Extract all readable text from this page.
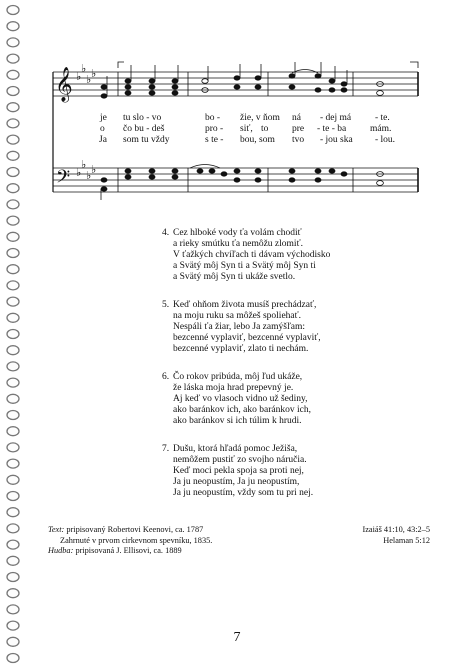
𝄞
𝄢
♭
♭
♭ ♭
♭
♭
♭ ♭
je tu slo - vo	bo - žie, v ňom ná - dej má	- te.
o čo bu - deš	pro - siť, to pre - te - ba mám.
Ja som tu vždy	s te - bou, som tvo - jou ska - lou.
4. Cez hlboké vody ťa volám chodiť
a rieky smútku ťa nemôžu zlomiť.
V ťažkých chvíľach ti dávam východisko
a Svätý môj Syn ti a Svätý môj Syn ti
a Svätý môj Syn ti ukáže svetlo.
5. Keď ohňom života musíš prechádzať,
na moju ruku sa môžeš spoliehať.
Nespáli ťa žiar, lebo Ja zamýšľam:
bezcenné vyplaviť, bezcenné vyplaviť,
bezcenné vyplaviť, zlato ti nechám.
6. Čo rokov pribúda, môj ľud ukáže,
že láska moja hrad prepevný je.
Aj keď vo vlasoch vidno už šediny,
ako baránkov ich, ako baránkov ich,
ako baránkov si ich túlim k hrudi.
7. Dušu, ktorá hľadá pomoc Ježiša,
nemôžem pustiť zo svojho náručia.
Keď moci pekla spoja sa proti nej,
Ja ju neopustím, Ja ju neopustím,
Ja ju neopustím, vždy som tu pri nej.
Text: pripisovaný Robertovi Keenovi, ca. 1787
Zahrnuté v prvom cirkevnom spevníku, 1835.
Hudba: pripisovaná J. Ellisovi, ca. 1889
Izaiáš 41:10, 43:2–5
Helaman 5:12
7
